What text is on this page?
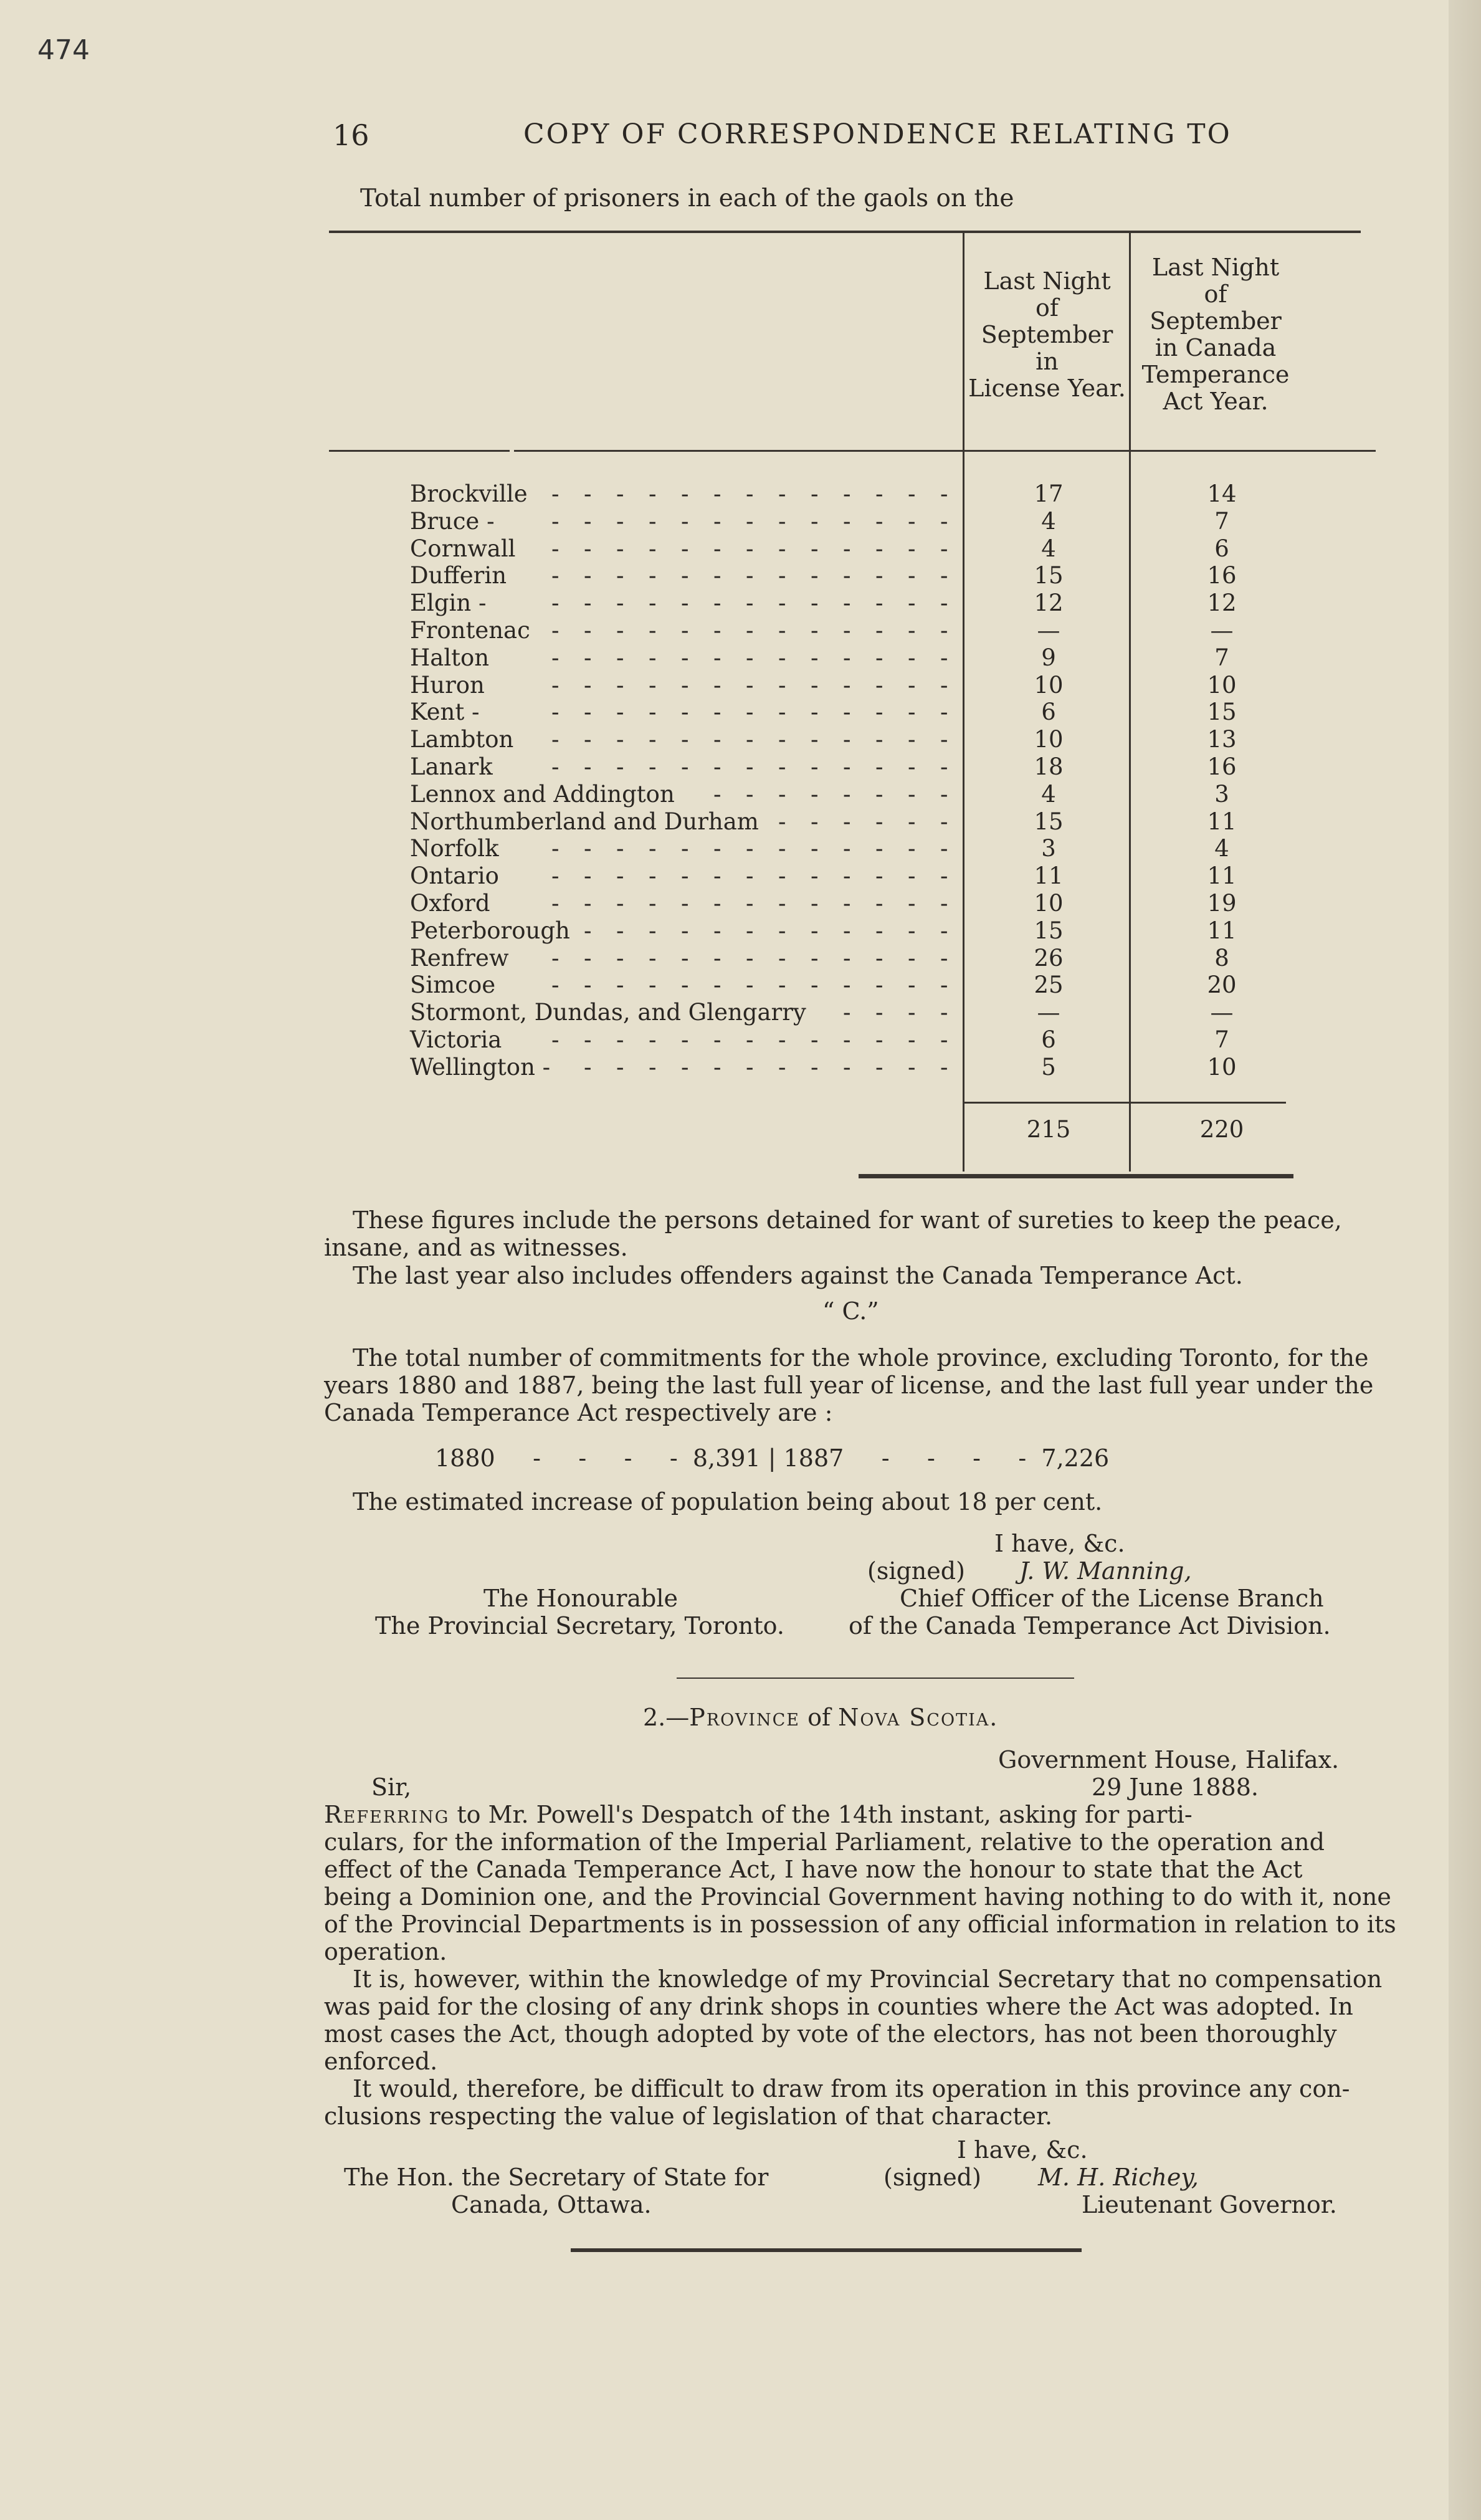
474
16	COPY OF CORRESPONDENCE RELATING TO
Total number of prisoners in each of the gaols on the
Last Night
of
September
in
License Year.
Last Night
of
September
in Canada
Temperance
Act Year.
Brockville - - - - - - - - - - - - -	17	14
Bruce - - - - - - - - - - - - - -	4	7
Cornwall - - - - - - - - - - - - -	4	6
Dufferin - - - - - - - - - - - - -	15	16
Elgin -	- - - - - - - - - - - - -	12	12
Frontenac - - - - - - - - - - - - -	—	—
Halton	- - - - - - - - - - - - -	9	7
Huron	- - - - - - - - - - - - -	10	10
Kent -	- - - - - - - - - - - - -	6	15
Lambton - - - - - - - - - - - - -	10	13
Lanark	- - - - - - - - - - - - -	18	16
Lennox and Addington - - - - - - - -	4	3
Northumberland and Durham - - - - - -	15	11
Norfolk - - - - - - - - - - - - -	3	4
Ontario - - - - - - - - - - - - -	11	11
Oxford	- - - - - - - - - - - - -	10	19
Peterborough - - - - - - - - - - - -	15	11
Renfrew - - - - - - - - - - - - -	26	8
Simcoe - - - - - - - - - - - - -	25	20
Stormont, Dundas, and Glengarry - - - -	—	—
Victoria - - - - - - - - - - - - -	6	7
Wellington - - - - - - - - - - - - -	5	10
215	220
These figures include the persons detained for want of sureties to keep the peace,
insane, and as witnesses.
The last year also includes offenders against the Canada Temperance Act.
“ C.”
The total number of commitments for the whole province, excluding Toronto, for the
years 1880 and 1887, being the last full year of license, and the last full year under the
Canada Temperance Act respectively are :
1880     -     -     -     -  8,391 | 1887     -     -     -     -  7,226
The estimated increase of population being about 18 per cent.
I have, &c.
(signed) J. W. Manning,
Chief Officer of the License Branch
of the Canada Temperance Act Division.
The Honourable
The Provincial Secretary, Toronto.
2.—Province of Nova Scotia.
Government House, Halifax.
29 June 1888.
Sir,
Referring to Mr. Powell's Despatch of the 14th instant, asking for parti-
culars, for the information of the Imperial Parliament, relative to the operation and
effect of the Canada Temperance Act, I have now the honour to state that the Act
being a Dominion one, and the Provincial Government having nothing to do with it, none
of the Provincial Departments is in possession of any official information in relation to its
operation.
It is, however, within the knowledge of my Provincial Secretary that no compensation
was paid for the closing of any drink shops in counties where the Act was adopted. In
most cases the Act, though adopted by vote of the electors, has not been thoroughly
enforced.
It would, therefore, be difficult to draw from its operation in this province any con-
clusions respecting the value of legislation of that character.
I have, &c.
(signed) M. H. Richey,
Lieutenant Governor.
The Hon. the Secretary of State for
Canada, Ottawa.
